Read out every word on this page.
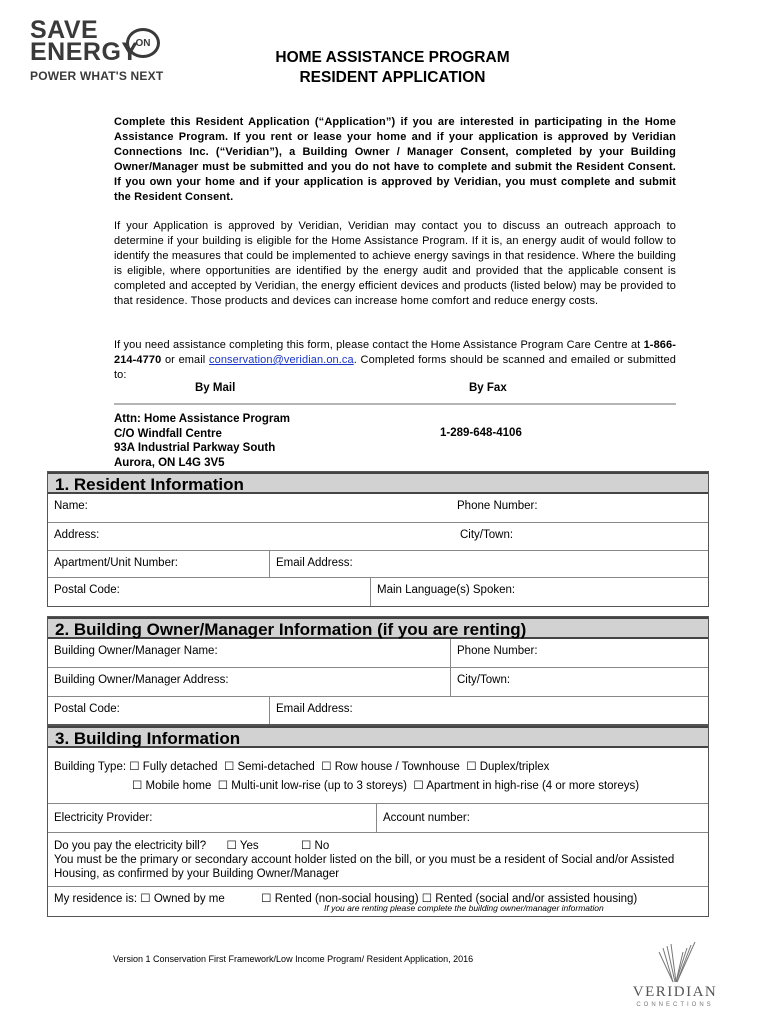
SAVE	ON
ENERGY
POWER WHAT'S NEXT
HOME ASSISTANCE PROGRAM
RESIDENT APPLICATION
Complete this Resident Application (“Application”) if you are interested in participating in the Home Assistance Program. If you rent or lease your home and if your application is approved by Veridian Connections Inc. (“Veridian”), a Building Owner / Manager Consent, completed by your Building Owner/Manager must be submitted and you do not have to complete and submit the Resident Consent. If you own your home and if your application is approved by Veridian, you must complete and submit the Resident Consent.
If your Application is approved by Veridian, Veridian may contact you to discuss an outreach approach to determine if your building is eligible for the Home Assistance Program. If it is, an energy audit of would follow to identify the measures that could be implemented to achieve energy savings in that residence. Where the building is eligible, where opportunities are identified by the energy audit and provided that the applicable consent is completed and accepted by Veridian, the energy efficient devices and products (listed below) may be provided to that residence. Those products and devices can increase home comfort and reduce energy costs.
If you need assistance completing this form, please contact the Home Assistance Program Care Centre at 1-866-214-4770 or email conservation@veridian.on.ca. Completed forms should be scanned and emailed or submitted to:
By Mail	By Fax
Attn: Home Assistance Program
C/O Windfall Centre
93A Industrial Parkway South
Aurora, ON L4G 3V5
1-289-648-4106
1. Resident Information
Name:	Phone Number:
Address:	City/Town:
Apartment/Unit Number:	Email Address:
Postal Code:	Main Language(s) Spoken:
2. Building Owner/Manager Information (if you are renting)
Building Owner/Manager Name:	Phone Number:
Building Owner/Manager Address:	City/Town:
Postal Code:	Email Address:
3. Building Information
Building Type: ☐ Fully detached ☐ Semi-detached ☐ Row house / Townhouse ☐ Duplex/triplex
☐ Mobile home ☐ Multi-unit low-rise (up to 3 storeys) ☐ Apartment in high-rise (4 or more storeys)
Electricity Provider:	Account number:
Do you pay the electricity bill? ☐ Yes	☐ No
You must be the primary or secondary account holder listed on the bill, or you must be a resident of Social and/or Assisted Housing, as confirmed by your Building Owner/Manager
My residence is: ☐ Owned by me	☐ Rented (non-social housing) ☐ Rented (social and/or assisted housing)
If you are renting please complete the building owner/manager information
Version 1 Conservation First Framework/Low Income Program/ Resident Application, 2016
VERIDIAN
CONNECTIONS
